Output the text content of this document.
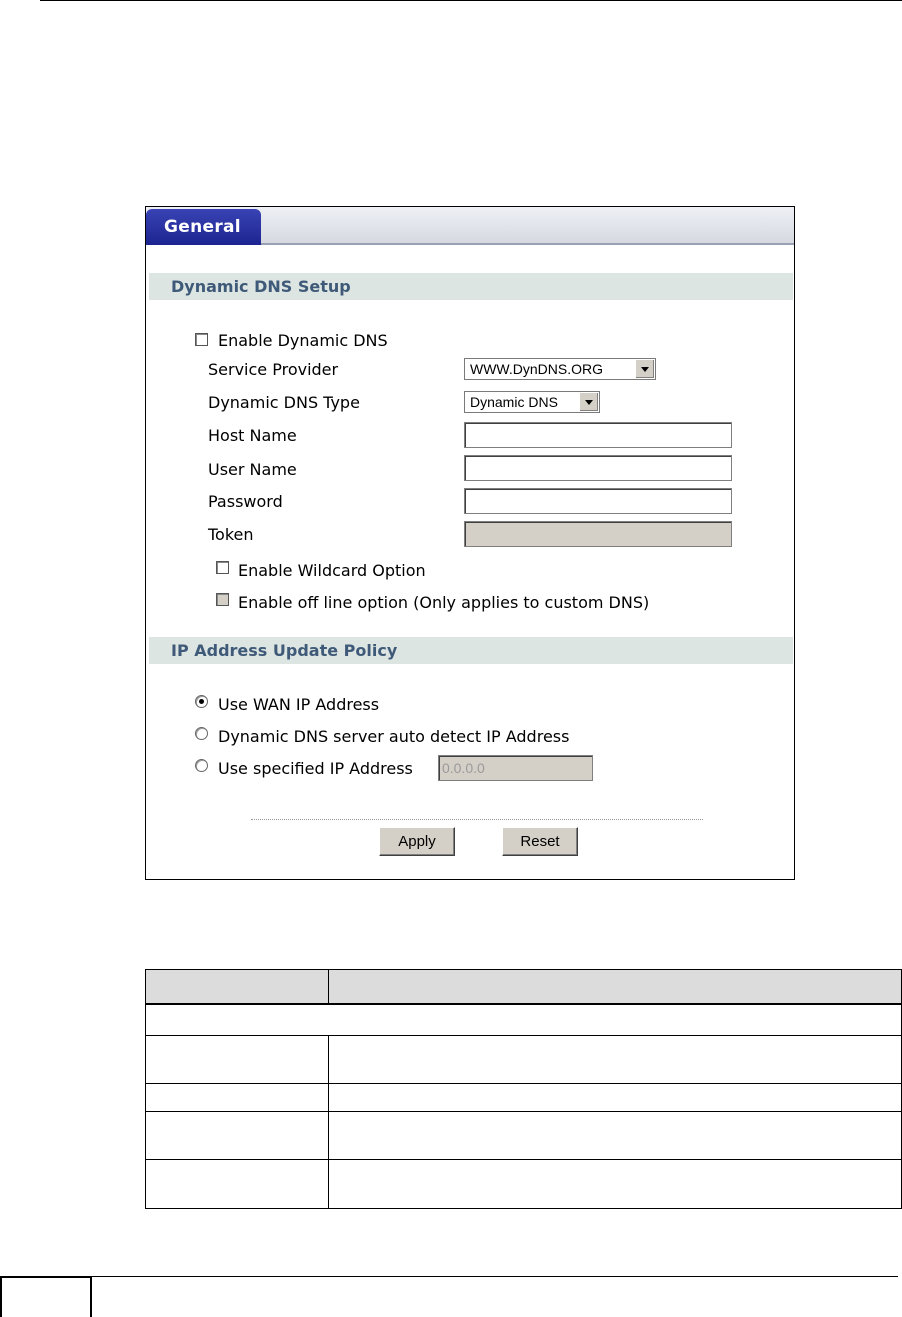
General
Dynamic DNS Setup
Enable Dynamic DNS
Service Provider	WWW.DynDNS.ORG
Dynamic DNS Type	Dynamic DNS
Host Name
User Name
Password
Token
Enable Wildcard Option
Enable off line option (Only applies to custom DNS)
IP Address Update Policy
Use WAN IP Address
Dynamic DNS server auto detect IP Address
Use specified IP Address 0.0.0.0
Apply	Reset
